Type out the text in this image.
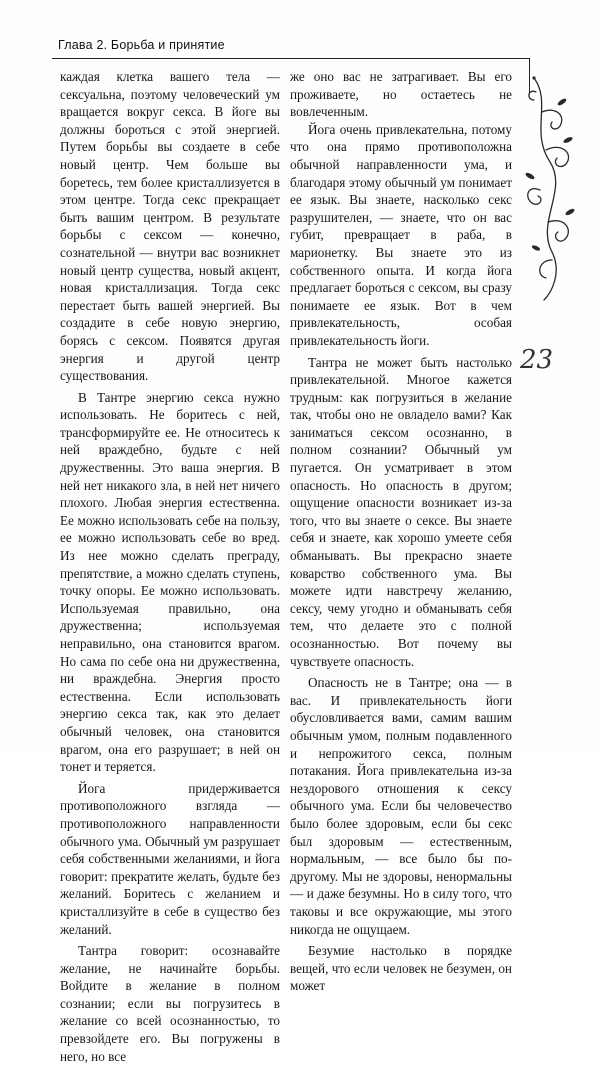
Глава 2. Борьба и принятие

каждая клетка вашего тела — сексуальна, поэтому человеческий ум вращается вокруг секса. В йоге вы должны бороться с этой энергией. Путем борьбы вы создаете в себе новый центр. Чем больше вы боретесь, тем более кристаллизуется в этом центре. Тогда секс прекращает быть вашим центром. В результате борьбы с сексом — конечно, сознательной — внутри вас возникнет новый центр существа, новый акцент, новая кристаллизация. Тогда секс перестает быть вашей энергией. Вы создадите в себе новую энергию, борясь с сексом. Появятся другая энергия и другой центр существования.

В Тантре энергию секса нужно использовать. Не боритесь с ней, трансформируйте ее. Не относитесь к ней враждебно, будьте с ней дружественны. Это ваша энергия. В ней нет никакого зла, в ней нет ничего плохого. Любая энергия естественна. Ее можно использовать себе на пользу, ее можно использовать себе во вред. Из нее можно сделать преграду, препятствие, а можно сделать ступень, точку опоры. Ее можно использовать. Используемая правильно, она дружественна; используемая неправильно, она становится врагом. Но сама по себе она ни дружественна, ни враждебна. Энергия просто естественна. Если использовать энергию секса так, как это делает обычный человек, она становится врагом, она его разрушает; в ней он тонет и теряется.

Йога придерживается противоположного взгляда — противоположного направленности обычного ума. Обычный ум разрушает себя собственными желаниями, и йога говорит: прекратите желать, будьте без желаний. Боритесь с желанием и кристаллизуйте в себе в существо без желаний.

Тантра говорит: осознавайте желание, не начинайте борьбы. Войдите в желание в полном сознании; если вы погрузитесь в желание со всей осознанностью, то превзойдете его. Вы погружены в него, но все

же оно вас не затрагивает. Вы его проживаете, но остаетесь не вовлеченным.

Йога очень привлекательна, потому что она прямо противоположна обычной направленности ума, и благодаря этому обычный ум понимает ее язык. Вы знаете, насколько секс разрушителен, — знаете, что он вас губит, превращает в раба, в марионетку. Вы знаете это из собственного опыта. И когда йога предлагает бороться с сексом, вы сразу понимаете ее язык. Вот в чем привлекательность, особая привлекательность йоги.

Тантра не может быть настолько привлекательной. Многое кажется трудным: как погрузиться в желание так, чтобы оно не овладело вами? Как заниматься сексом осознанно, в полном сознании? Обычный ум пугается. Он усматривает в этом опасность. Но опасность в другом; ощущение опасности возникает из-за того, что вы знаете о сексе. Вы знаете себя и знаете, как хорошо умеете себя обманывать. Вы прекрасно знаете коварство собственного ума. Вы можете идти навстречу желанию, сексу, чему угодно и обманывать себя тем, что делаете это с полной осознанностью. Вот почему вы чувствуете опасность.

Опасность не в Тантре; она — в вас. И привлекательность йоги обусловливается вами, самим вашим обычным умом, полным подавленного и непрожитого секса, полным потакания. Йога привлекательна из-за нездорового отношения к сексу обычного ума. Если бы человечество было более здоровым, если бы секс был здоровым — естественным, нормальным, — все было бы по-другому. Мы не здоровы, ненормальны — и даже безумны. Но в силу того, что таковы и все окружающие, мы этого никогда не ощущаем.

Безумие настолько в порядке вещей, что если человек не безумен, он может

23
